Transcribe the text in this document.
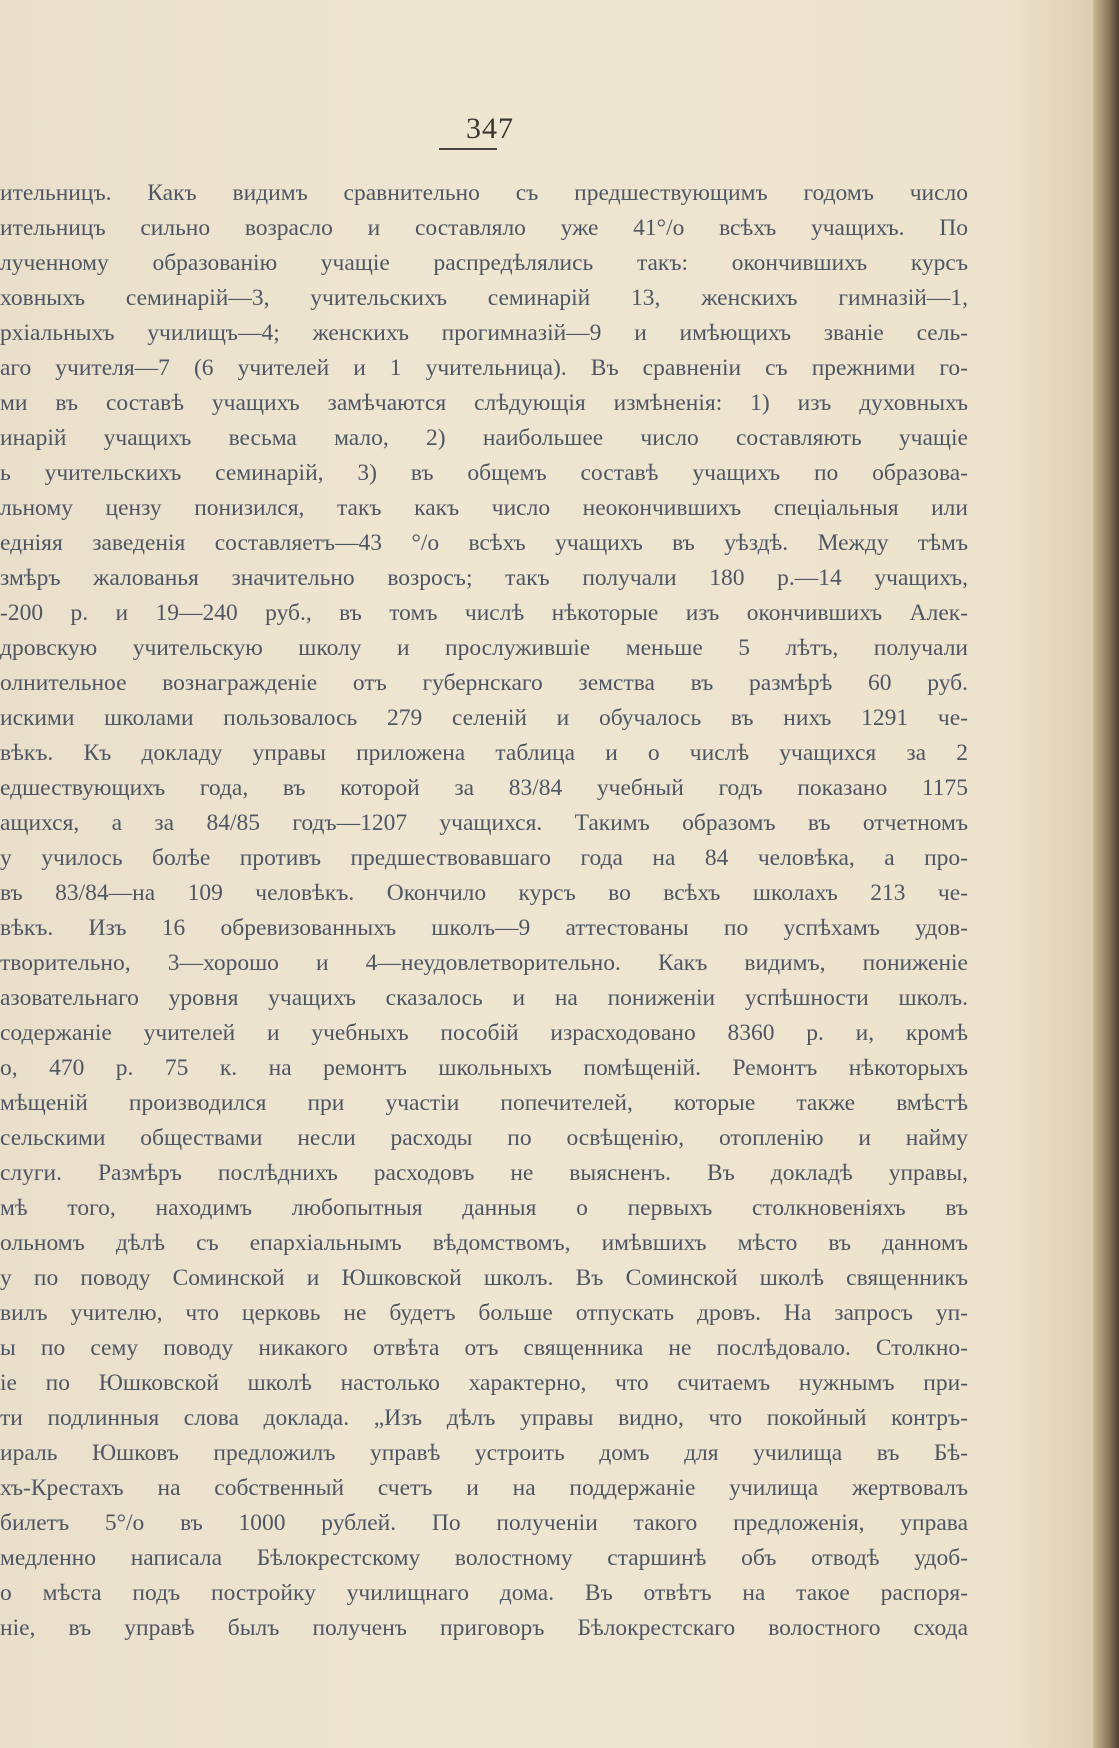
347
ительницъ. Какъ видимъ сравнительно съ предшествующимъ годомъ число
ительницъ сильно возрасло и составляло уже 41°/о всѣхъ учащихъ. По
лученному образованію учащіе распредѣлялись такъ: окончившихъ курсъ
ховныхъ семинарій—3, учительскихъ семинарій 13, женскихъ гимназій—1,
рхіальныхъ училищъ—4; женскихъ прогимназій—9 и имѣющихъ званіе сель-
аго учителя—7 (6 учителей и 1 учительница). Въ сравненіи съ прежними го-
ми въ составѣ учащихъ замѣчаются слѣдующія измѣненія: 1) изъ духовныхъ
инарій учащихъ весьма мало, 2) наибольшее число составляють учащіе
ь учительскихъ семинарій, 3) въ общемъ составѣ учащихъ по образова-
льному цензу понизился, такъ какъ число неокончившихъ спеціальныя или
едніяя заведенія составляетъ—43 °/о всѣхъ учащихъ въ уѣздѣ. Между тѣмъ
змѣръ жалованья значительно возросъ; такъ получали 180 р.—14 учащихъ,
-200 р. и 19—240 руб., въ томъ числѣ нѣкоторые изъ окончившихъ Алек-
дровскую учительскую школу и прослужившіе меньше 5 лѣтъ, получали
олнительное вознагражденіе отъ губернскаго земства въ размѣрѣ 60 руб.
искими школами пользовалось 279 селеній и обучалось въ нихъ 1291 че-
вѣкъ. Къ докладу управы приложена таблица и о числѣ учащихся за 2
едшествующихъ года, въ которой за 83/84 учебный годъ показано 1175
ащихся, а за 84/85 годъ—1207 учащихся. Такимъ образомъ въ отчетномъ
у училось болѣе противъ предшествовавшаго года на 84 человѣка, а про-
въ 83/84—на 109 человѣкъ. Окончило курсъ во всѣхъ школахъ 213 че-
вѣкъ. Изъ 16 обревизованныхъ школъ—9 аттестованы по успѣхамъ удов-
творительно, 3—хорошо и 4—неудовлетворительно. Какъ видимъ, пониженіе
азовательнаго уровня учащихъ сказалось и на пониженіи успѣшности школъ.
содержаніе учителей и учебныхъ пособій израсходовано 8360 р. и, кромѣ
о, 470 р. 75 к. на ремонтъ школьныхъ помѣщеній. Ремонтъ нѣкоторыхъ
мѣщеній производился при участіи попечителей, которые также вмѣстѣ
сельскими обществами несли расходы по освѣщенію, отопленію и найму
слуги. Размѣръ послѣднихъ расходовъ не выясненъ. Въ докладѣ управы,
мѣ того, находимъ любопытныя данныя о первыхъ столкновеніяхъ въ
ольномъ дѣлѣ съ епархіальнымъ вѣдомствомъ, имѣвшихъ мѣсто въ данномъ
у по поводу Соминской и Юшковской школъ. Въ Соминской школѣ священникъ
вилъ учителю, что церковь не будетъ больше отпускать дровъ. На запросъ уп-
ы по сему поводу никакого отвѣта отъ священника не послѣдовало. Столкно-
іе по Юшковской школѣ настолько характерно, что считаемъ нужнымъ при-
ти подлинныя слова доклада. „Изъ дѣлъ управы видно, что покойный контръ-
ираль Юшковъ предложилъ управѣ устроить домъ для училища въ Бѣ-
хъ-Крестахъ на собственный счетъ и на поддержаніе училища жертвовалъ
билетъ 5°/о въ 1000 рублей. По полученіи такого предложенія, управа
медленно написала Бѣлокрестскому волостному старшинѣ объ отводѣ удоб-
о мѣста подъ постройку училищнаго дома. Въ отвѣтъ на такое распоря-
ніе, въ управѣ былъ полученъ приговоръ Бѣлокрестскаго волостного схода
